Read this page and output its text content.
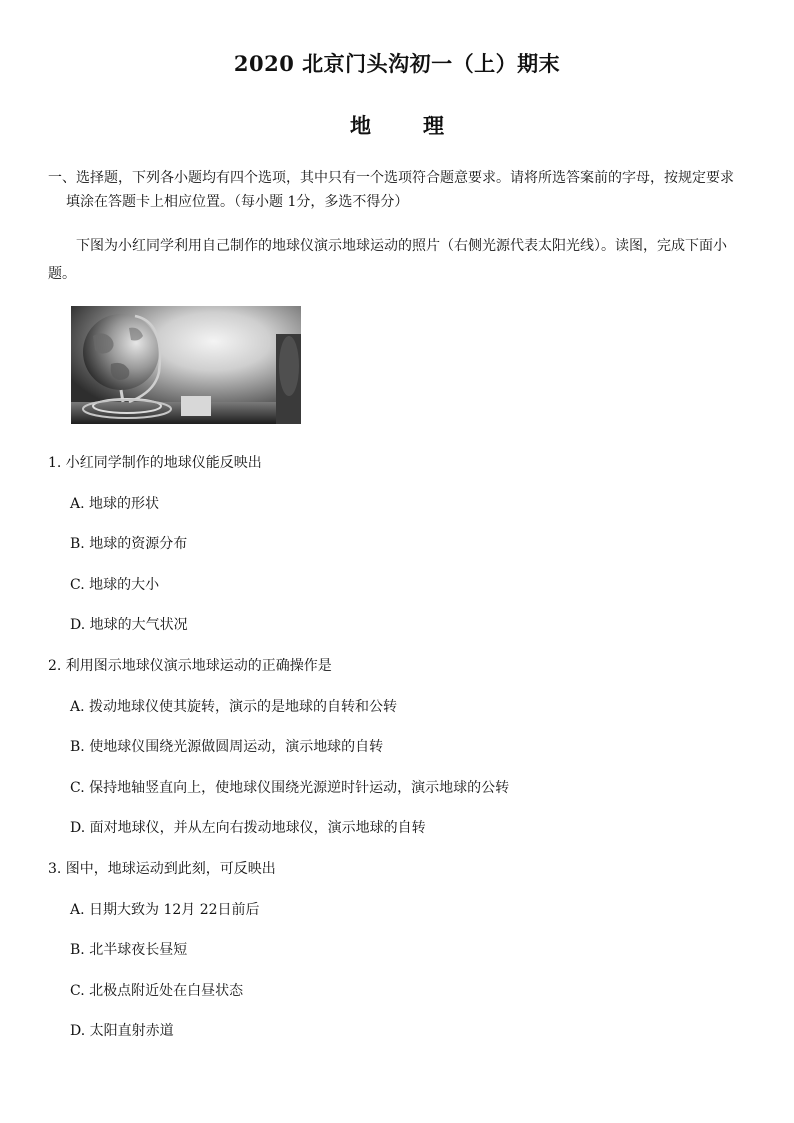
2020 北京门头沟初一（上）期末
地 理
一、选择题，下列各小题均有四个选项，其中只有一个选项符合题意要求。请将所选答案前的字母，按规定要求
填涂在答题卡上相应位置。（每小题 1分，多选不得分）
下图为小红同学利用自己制作的地球仪演示地球运动的照片（右侧光源代表太阳光线）。读图，完成下面小题。
1. 小红同学制作的地球仪能反映出
A. 地球的形状
B. 地球的资源分布
C. 地球的大小
D. 地球的大气状况
2. 利用图示地球仪演示地球运动的正确操作是
A. 拨动地球仪使其旋转，演示的是地球的自转和公转
B. 使地球仪围绕光源做圆周运动，演示地球的自转
C. 保持地轴竖直向上，使地球仪围绕光源逆时针运动，演示地球的公转
D. 面对地球仪，并从左向右拨动地球仪，演示地球的自转
3. 图中，地球运动到此刻，可反映出
A. 日期大致为 12月 22日前后
B. 北半球夜长昼短
C. 北极点附近处在白昼状态
D. 太阳直射赤道
